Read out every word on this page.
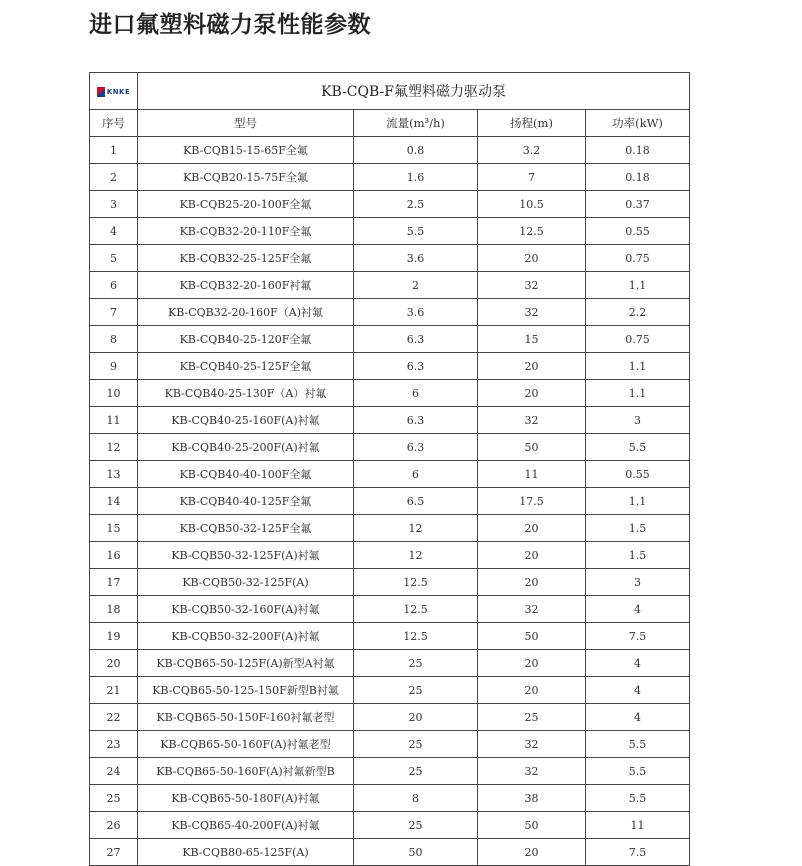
进口氟塑料磁力泵性能参数
KNKE	KB-CQB-F氟塑料磁力驱动泵			
序号	型号	流量(m³/h)	扬程(m)	功率(kW)
1	KB-CQB15-15-65F全氟	0.8	3.2	0.18
2	KB-CQB20-15-75F全氟	1.6	7	0.18
3	KB-CQB25-20-100F全氟	2.5	10.5	0.37
4	KB-CQB32-20-110F全氟	5.5	12.5	0.55
5	KB-CQB32-25-125F全氟	3.6	20	0.75
6	KB-CQB32-20-160F衬氟	2	32	1.1
7	KB-CQB32-20-160F（A)衬氟	3.6	32	2.2
8	KB-CQB40-25-120F全氟	6.3	15	0.75
9	KB-CQB40-25-125F全氟	6.3	20	1.1
10	KB-CQB40-25-130F（A）衬氟	6	20	1.1
11	KB-CQB40-25-160F(A)衬氟	6.3	32	3
12	KB-CQB40-25-200F(A)衬氟	6.3	50	5.5
13	KB-CQB40-40-100F全氟	6	11	0.55
14	KB-CQB40-40-125F全氟	6.5	17.5	1.1
15	KB-CQB50-32-125F全氟	12	20	1.5
16	KB-CQB50-32-125F(A)衬氟	12	20	1.5
17	KB-CQB50-32-125F(A)	12.5	20	3
18	KB-CQB50-32-160F(A)衬氟	12.5	32	4
19	KB-CQB50-32-200F(A)衬氟	12.5	50	7.5
20	KB-CQB65-50-125F(A)新型A衬氟	25	20	4
21	KB-CQB65-50-125-150F新型B衬氟	25	20	4
22	KB-CQB65-50-150F-160衬氟老型	20	25	4
23	KB-CQB65-50-160F(A)衬氟老型	25	32	5.5
24	KB-CQB65-50-160F(A)衬氟新型B	25	32	5.5
25	KB-CQB65-50-180F(A)衬氟	8	38	5.5
26	KB-CQB65-40-200F(A)衬氟	25	50	11
27	KB-CQB80-65-125F(A)	50	20	7.5
